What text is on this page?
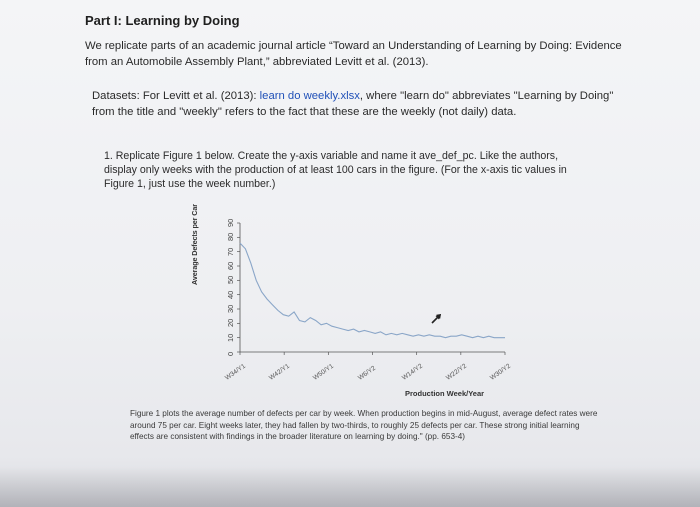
Part I: Learning by Doing
We replicate parts of an academic journal article “Toward an Understanding of Learning by Doing: Evidence from an Automobile Assembly Plant,” abbreviated Levitt et al. (2013).
Datasets: For Levitt et al. (2013): learn do weekly.xlsx, where "learn do" abbreviates "Learning by Doing" from the title and "weekly" refers to the fact that these are the weekly (not daily) data.
1. Replicate Figure 1 below. Create the y-axis variable and name it ave_def_pc. Like the authors, display only weeks with the production of at least 100 cars in the figure. (For the x-axis tic values in Figure 1, just use the week number.)
Average Defects per Car
0
10
20
30
40
50
60
70
80
90
W34/Y1	W42/Y1	W50/Y1	W6/Y2	W14/Y2	W22/Y2	W30/Y2
Production Week/Year
Figure 1 plots the average number of defects per car by week. When production begins in mid-August, average defect rates were around 75 per car. Eight weeks later, they had fallen by two-thirds, to roughly 25 defects per car. These strong initial learning effects are consistent with findings in the broader literature on learning by doing." (pp. 653-4)
